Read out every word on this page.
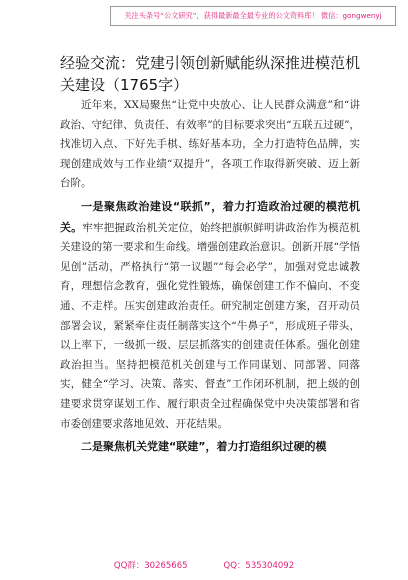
关注头条号“公文研究”，获得最新最全最专业的公文资料库！ 微信：gongwenyj
经验交流：党建引领创新赋能纵深推进模范机关建设（1765字）

近年来，XX局聚焦“让党中央放心、让人民群众满意”和“讲政治、守纪律、负责任、有效率”的目标要求突出“五联五过硬”，找准切入点、下好先手棋、练好基本功，全力打造特色品牌，实现创建成效与工作业绩“双提升”，各项工作取得新突破、迈上新台阶。

一是聚焦政治建设“联抓”，着力打造政治过硬的模范机关。牢牢把握政治机关定位，始终把旗帜鲜明讲政治作为模范机关建设的第一要求和生命线。增强创建政治意识。创新开展“学悟见创”活动，严格执行“第一议题”“每会必学”，加强对党忠诚教育，理想信念教育，强化党性锻炼，确保创建工作不偏向、不变通、不走样。压实创建政治责任。研究制定创建方案，召开动员部署会议，紧紧牵住责任制落实这个“牛鼻子”，形成班子带头，以上率下，一级抓一级、层层抓落实的创建责任体系。强化创建政治担当。坚持把模范机关创建与工作同谋划、同部署、同落实，健全“学习、决策、落实、督查”工作闭环机制，把上级的创建要求贯穿谋划工作、履行职责全过程确保党中央决策部署和省市委创建要求落地见效、开花结果。

二是聚焦机关党建“联建”，着力打造组织过硬的模

QQ群：30265665	QQ：535304092
